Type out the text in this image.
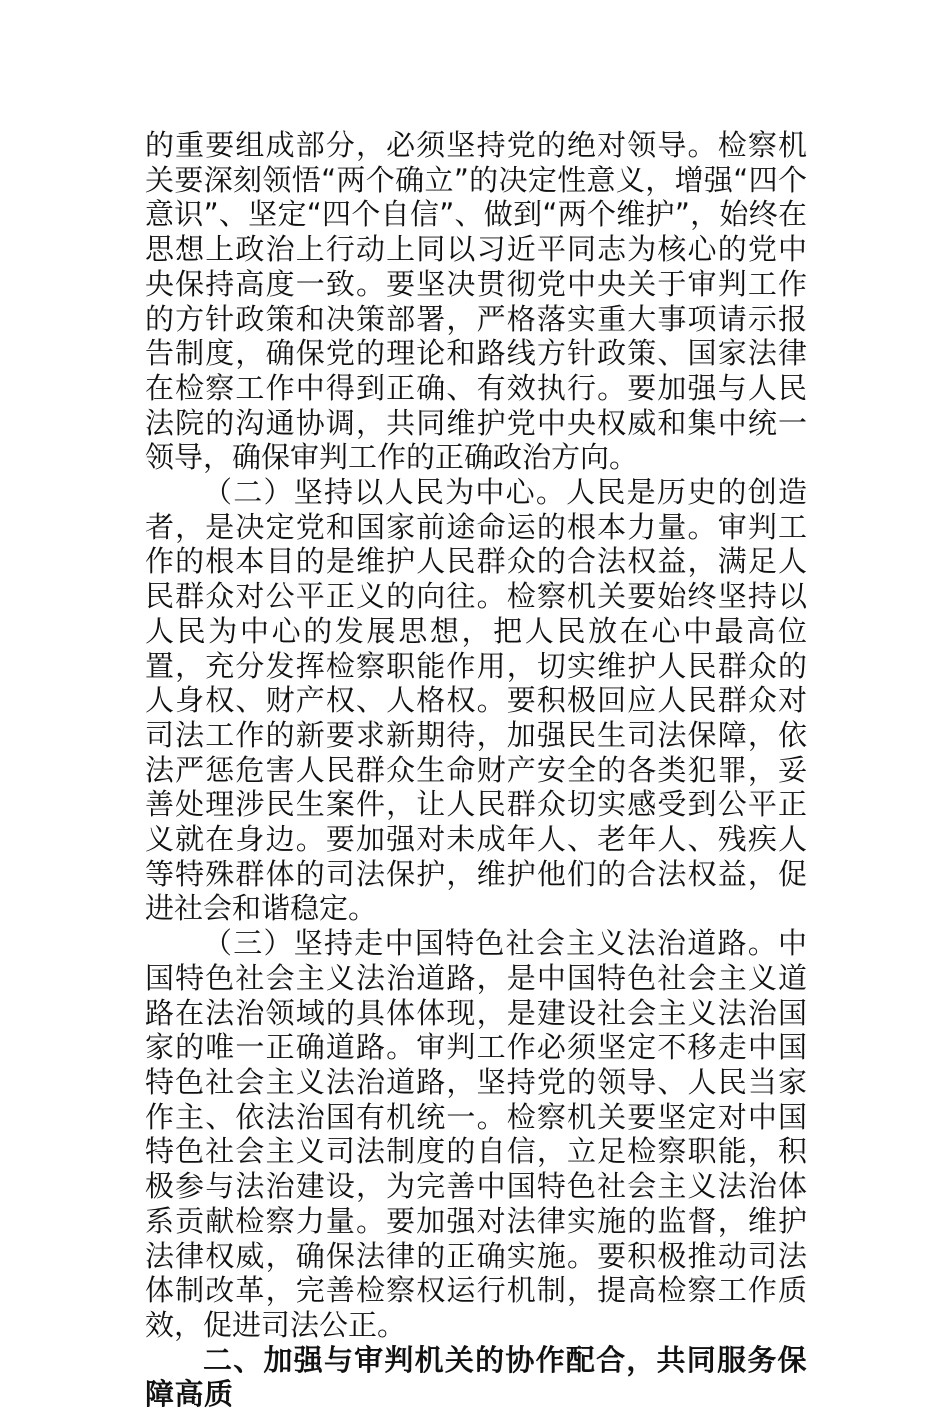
的重要组成部分，必须坚持党的绝对领导。检察机关要深刻领悟“两个确立”的决定性意义，增强“四个意识”、坚定“四个自信”、做到“两个维护”，始终在思想上政治上行动上同以习近平同志为核心的党中央保持高度一致。要坚决贯彻党中央关于审判工作的方针政策和决策部署，严格落实重大事项请示报告制度，确保党的理论和路线方针政策、国家法律在检察工作中得到正确、有效执行。要加强与人民法院的沟通协调，共同维护党中央权威和集中统一领导，确保审判工作的正确政治方向。

（二）坚持以人民为中心。人民是历史的创造者，是决定党和国家前途命运的根本力量。审判工作的根本目的是维护人民群众的合法权益，满足人民群众对公平正义的向往。检察机关要始终坚持以人民为中心的发展思想，把人民放在心中最高位置，充分发挥检察职能作用，切实维护人民群众的人身权、财产权、人格权。要积极回应人民群众对司法工作的新要求新期待，加强民生司法保障，依法严惩危害人民群众生命财产安全的各类犯罪，妥善处理涉民生案件，让人民群众切实感受到公平正义就在身边。要加强对未成年人、老年人、残疾人等特殊群体的司法保护，维护他们的合法权益，促进社会和谐稳定。

（三）坚持走中国特色社会主义法治道路。中国特色社会主义法治道路，是中国特色社会主义道路在法治领域的具体体现，是建设社会主义法治国家的唯一正确道路。审判工作必须坚定不移走中国特色社会主义法治道路，坚持党的领导、人民当家作主、依法治国有机统一。检察机关要坚定对中国特色社会主义司法制度的自信，立足检察职能，积极参与法治建设，为完善中国特色社会主义法治体系贡献检察力量。要加强对法律实施的监督，维护法律权威，确保法律的正确实施。要积极推动司法体制改革，完善检察权运行机制，提高检察工作质效，促进司法公正。

二、加强与审判机关的协作配合，共同服务保障高质
